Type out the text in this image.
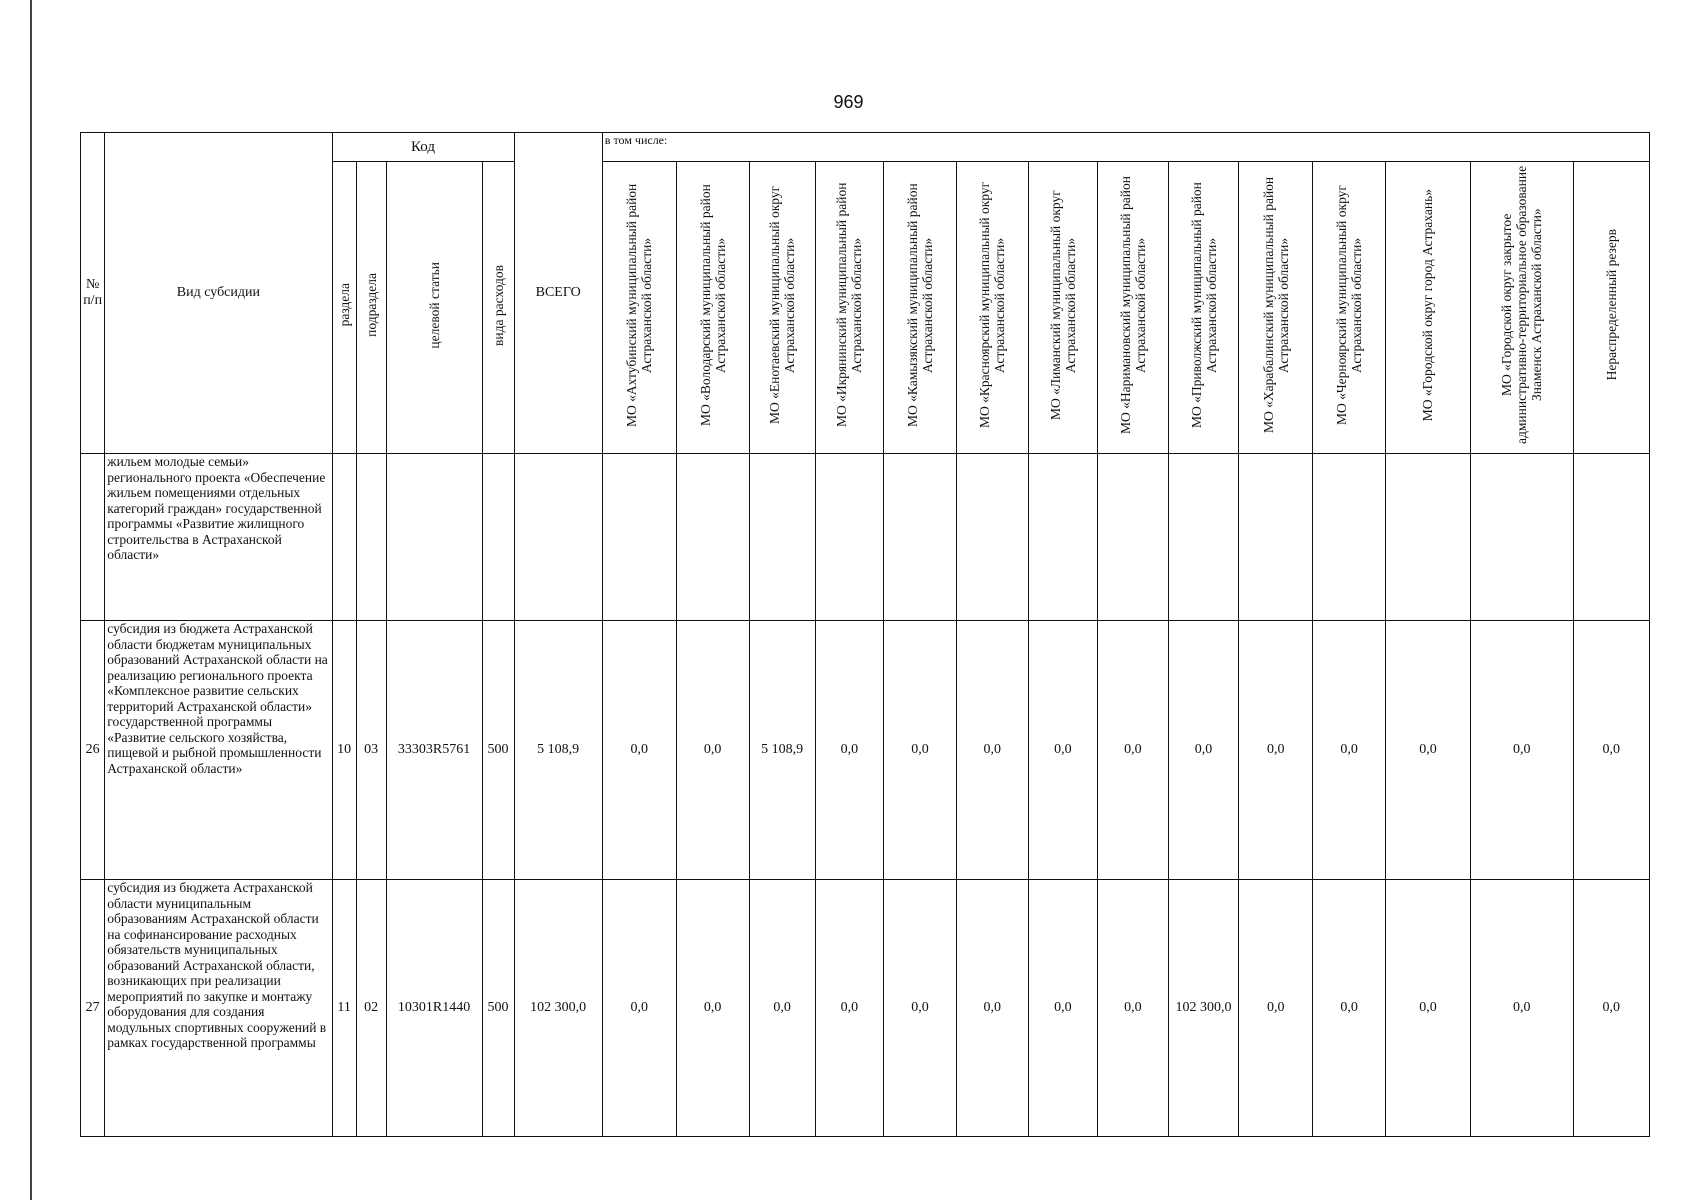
969
№ п/п	Вид субсидии	Код				ВСЕГО	в том числе:													
		раздела	подраздела	целевой статьи	вида расходов		МО «Ахтубинский муниципальный район Астраханской области»	МО «Володарский муниципальный район Астраханской области»	МО «Енотаевский муниципальный округ Астраханской области»	МО «Икрянинский муниципальный район Астраханской области»	МО «Камызякский муниципальный район Астраханской области»	МО «Красноярский муниципальный округ Астраханской области»	МО «Лиманский муниципальный округ Астраханской области»	МО «Наримановский муниципальный район Астраханской области»	МО «Приволжский муниципальный район Астраханской области»	МО «Харабалинский муниципальный район Астраханской области»	МО «Черноярский муниципальный округ Астраханской области»	МО «Городской округ город Астрахань»	МО «Городской округ закрытое административно-территориальное образование Знаменск Астраханской области»	Нераспределенный резерв
	жильем молодые семьи» регионального проекта «Обеспечение жильем помещениями отдельных категорий граждан» государственной программы «Развитие жилищного строительства в Астраханской области»																			
26	субсидия из бюджета Астраханской области бюджетам муниципальных образований Астраханской области на реализацию регионального проекта «Комплексное развитие сельских территорий Астраханской области» государственной программы «Развитие сельского хозяйства, пищевой и рыбной промышленности Астраханской области»	10	03	33303R5761	500	5 108,9	0,0	0,0	5 108,9	0,0	0,0	0,0	0,0	0,0	0,0	0,0	0,0	0,0	0,0	0,0
27	субсидия из бюджета Астраханской области муниципальным образованиям Астраханской области на софинансирование расходных обязательств муниципальных образований Астраханской области, возникающих при реализации мероприятий по закупке и монтажу оборудования для создания модульных спортивных сооружений в рамках государственной программы	11	02	10301R1440	500	102 300,0	0,0	0,0	0,0	0,0	0,0	0,0	0,0	0,0	102 300,0	0,0	0,0	0,0	0,0	0,0
